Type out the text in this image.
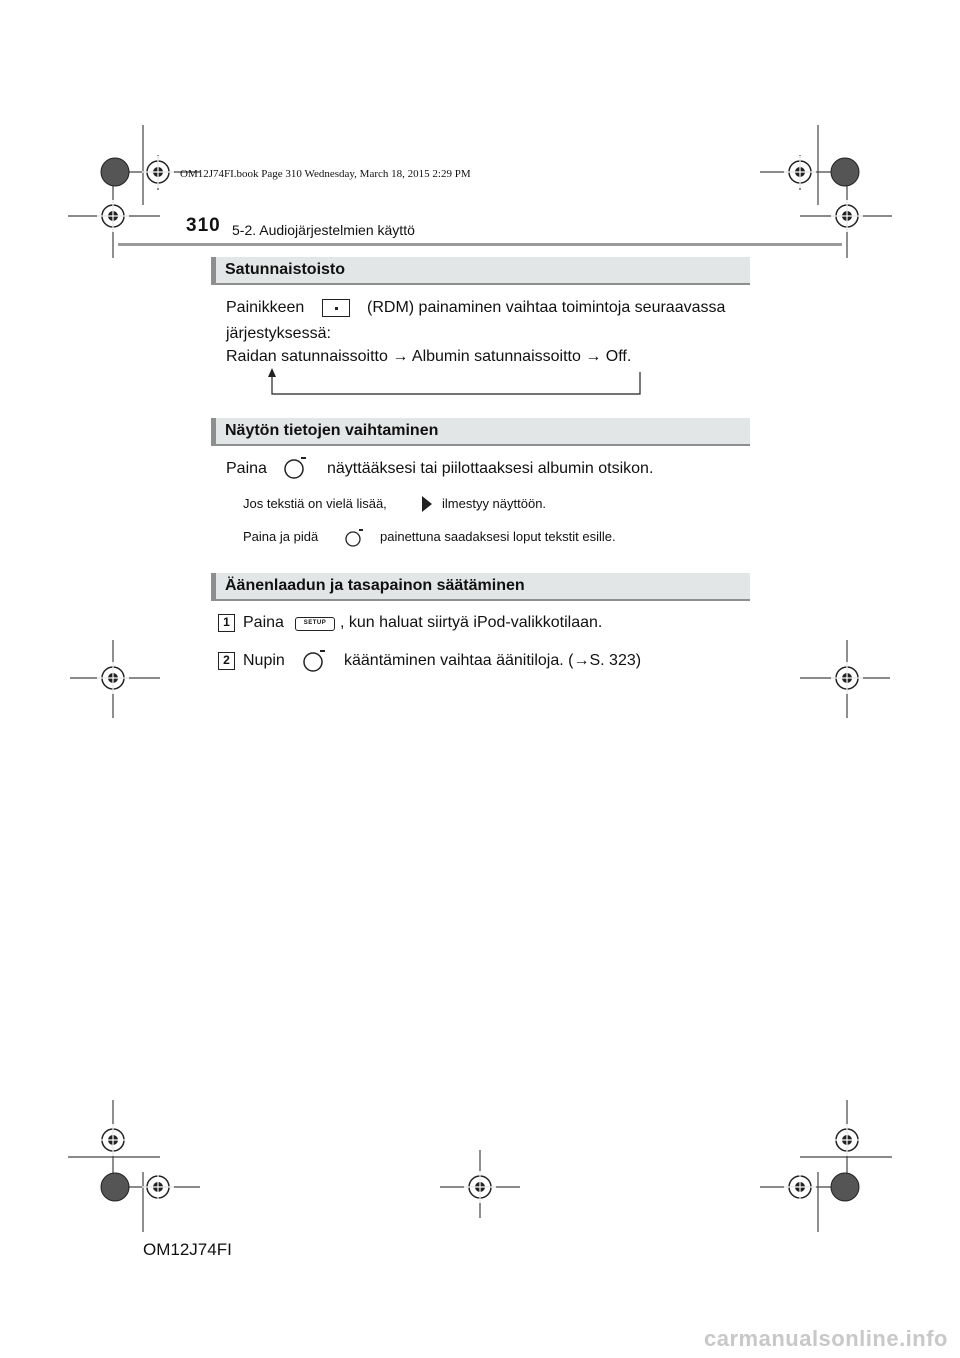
OM12J74FI.book Page 310 Wednesday, March 18, 2015 2:29 PM
310 5-2. Audiojärjestelmien käyttö
Satunnaistoisto
Painikkeen	(RDM) painaminen vaihtaa toimintoja seuraavassa
järjestyksessä:
Raidan satunnaissoitto → Albumin satunnaissoitto → Off.
Näytön tietojen vaihtaminen
Paina	näyttääksesi tai piilottaaksesi albumin otsikon.
Jos tekstiä on vielä lisää,	ilmestyy näyttöön.
Paina ja pidä	painettuna saadaksesi loput tekstit esille.
Äänenlaadun ja tasapainon säätäminen
1 Paina	SETUP , kun haluat siirtyä iPod-valikkotilaan.
2 Nupin	kääntäminen vaihtaa äänitiloja. (→S. 323)
OM12J74FI
carmanualsonline.info
